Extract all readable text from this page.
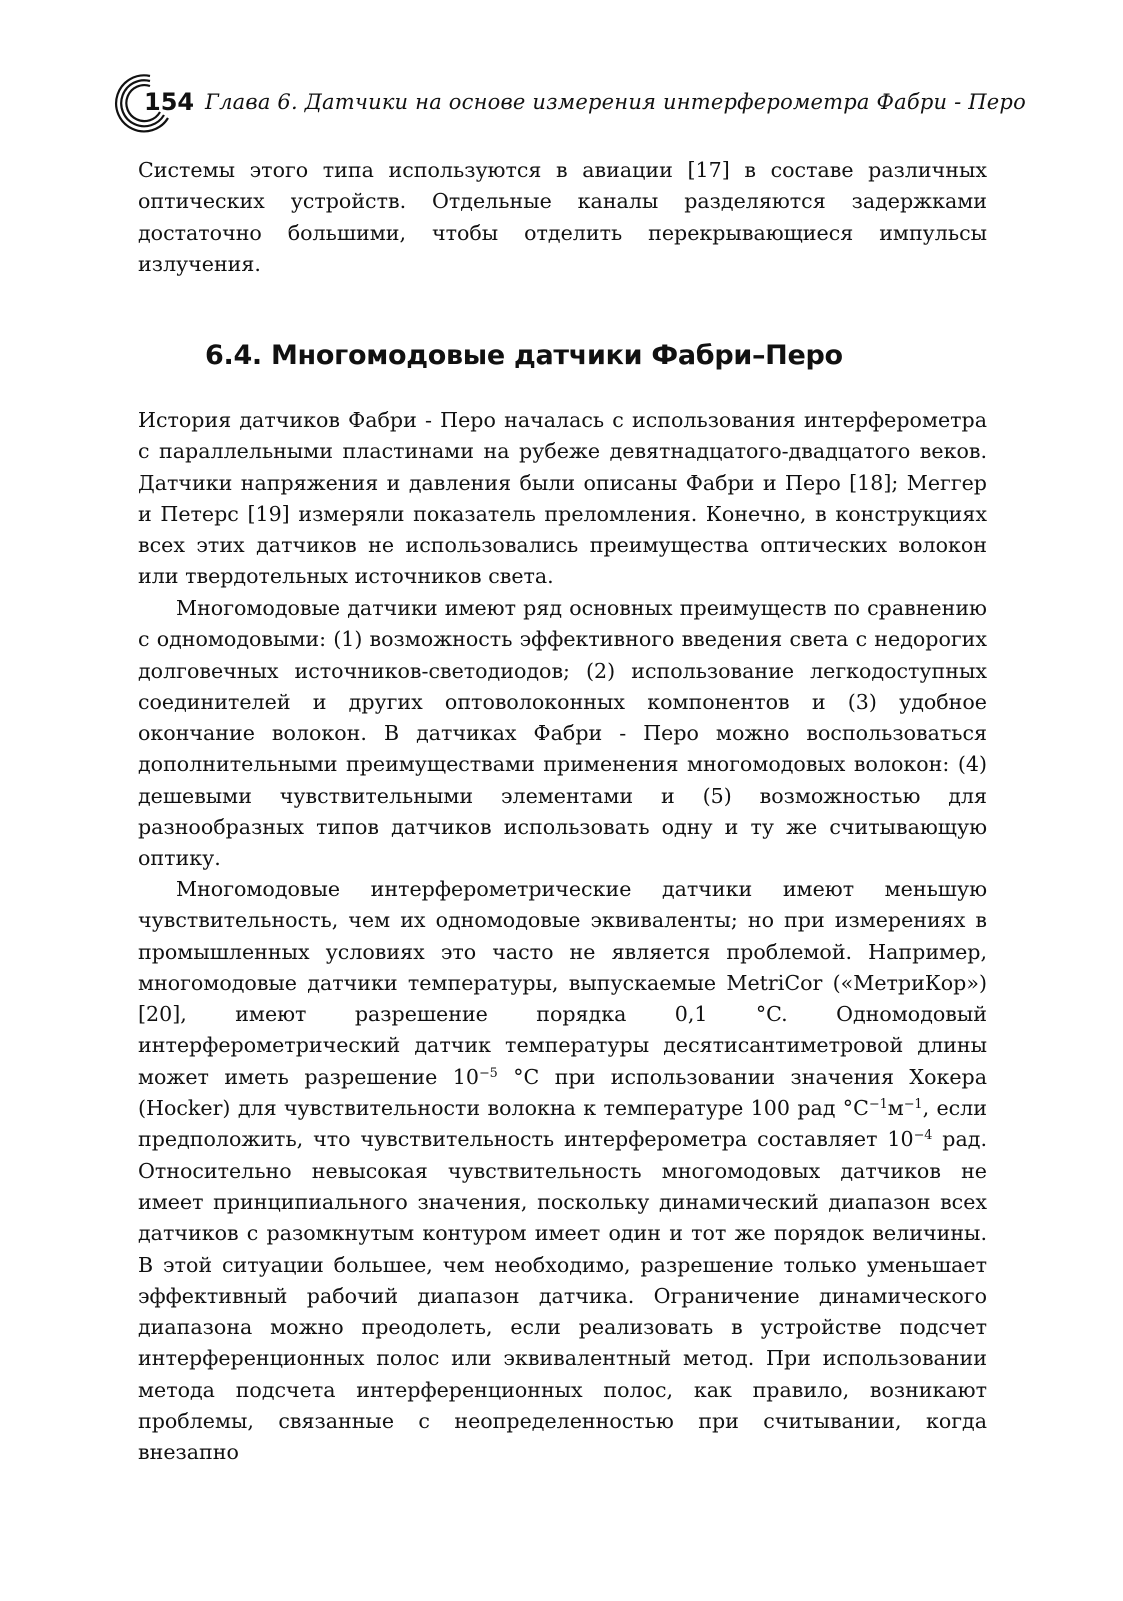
154 Глава 6. Датчики на основе измерения интерферометра Фабри - Перо

Системы этого типа используются в авиации [17] в составе различных оптических устройств. Отдельные каналы разделяются задержками достаточно большими, чтобы отделить перекрывающиеся импульсы излучения.

6.4. Многомодовые датчики Фабри–Перо

История датчиков Фабри - Перо началась с использования интерферометра с параллельными пластинами на рубеже девятнадцатого-двадцатого веков. Датчики напряжения и давления были описаны Фабри и Перо [18]; Меггер и Петерс [19] измеряли показатель преломления. Конечно, в конструкциях всех этих датчиков не использовались преимущества оптических волокон или твердотельных источников света.

Многомодовые датчики имеют ряд основных преимуществ по сравнению с одномодовыми: (1) возможность эффективного введения света с недорогих долговечных источников-светодиодов; (2) использование легкодоступных соединителей и других оптоволоконных компонентов и (3) удобное окончание волокон. В датчиках Фабри - Перо можно воспользоваться дополнительными преимуществами применения многомодовых волокон: (4) дешевыми чувствительными элементами и (5) возможностью для разнообразных типов датчиков использовать одну и ту же считывающую оптику.

Многомодовые интерферометрические датчики имеют меньшую чувствительность, чем их одномодовые эквиваленты; но при измерениях в промышленных условиях это часто не является проблемой. Например, многомодовые датчики температуры, выпускаемые MetriCor («МетриКор») [20], имеют разрешение порядка 0,1 °C. Одномодовый интерферометрический датчик температуры десятисантиметровой длины может иметь разрешение $10^{-5}$ °C при использовании значения Хокера (Hocker) для чувствительности волокна к температуре 100 рад $^\circ C^{-1}м^{-1}$, если предположить, что чувствительность интерферометра составляет $10^{-4}$ рад. Относительно невысокая чувствительность многомодовых датчиков не имеет принципиального значения, поскольку динамический диапазон всех датчиков с разомкнутым контуром имеет один и тот же порядок величины. В этой ситуации большее, чем необходимо, разрешение только уменьшает эффективный рабочий диапазон датчика. Ограничение динамического диапазона можно преодолеть, если реализовать в устройстве подсчет интерференционных полос или эквивалентный метод. При использовании метода подсчета интерференционных полос, как правило, возникают проблемы, связанные с неопределенностью при считывании, когда внезапно
